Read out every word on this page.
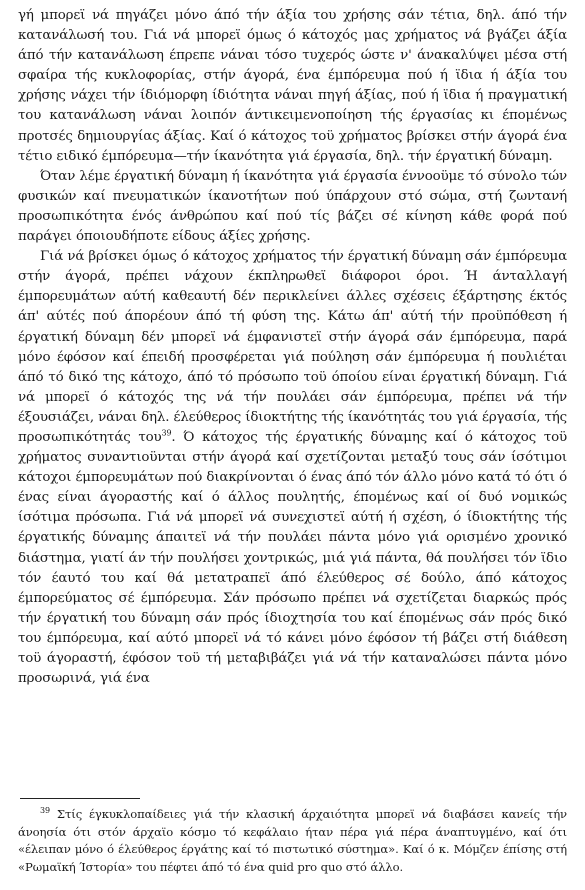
γή μπορεϊ νά πηγάζει μόνο άπό τήν άξία του χρήσης σάν τέτια, δηλ. άπό τήν κατανάλωσή του. Γιά νά μπορεϊ όμως ό κάτοχός μας χρήματος νά βγάζει άξία άπό τήν κατανάλωση έπρεπε νάναι τόσο τυχερός ώστε ν' άνακαλύψει μέσα στή σφαίρα τής κυκλοφορίας, στήν άγορά, ένα έμπόρευμα πού ή ϊδια ή άξία του χρήσης νάχει τήν ίδιόμορφη ίδιότητα νάναι πηγή άξίας, πού ή ϊδια ή πραγματική του κατανάλωση νάναι λοιπόν άντικειμενοποίηση τής έργασίας κι έπομένως προτσές δημιουργίας άξίας. Καί ό κάτοχος τοϋ χρήματος βρίσκει στήν άγορά ένα τέτιο ειδικό έμπόρευμα—τήν ίκανότητα γιά έργασία, δηλ. τήν έργατική δύναμη.

Όταν λέμε έργατική δύναμη ή ίκανότητα γιά έργασία έννοοϋμε τό σύνολο τών φυσικών καί πνευματικών ίκανοτήτων πού ύπάρχουν στό σώμα, στή ζωντανή προσωπικότητα ένός άνθρώπου καί πού τίς βάζει σέ κίνηση κάθε φορά πού παράγει όποιουδήποτε είδους άξίες χρήσης.

Γιά νά βρίσκει όμως ό κάτοχος χρήματος τήν έργατική δύναμη σάν έμπόρευμα στήν άγορά, πρέπει νάχουν έκπληρωθεϊ διάφοροι όροι. Ή άνταλλαγή έμπορευμάτων αύτή καθεαυτή δέν περικλείνει άλλες σχέσεις έξάρτησης έκτός άπ' αύτές πού άπορέουν άπό τή φύση της. Κάτω άπ' αύτή τήν προϋπόθεση ή έργατική δύναμη δέν μπορεϊ νά έμφανιστεϊ στήν άγορά σάν έμπόρευμα, παρά μόνο έφόσον καί έπειδή προσφέρεται γιά πούληση σάν έμπόρευμα ή πουλιέται άπό τό δικό της κάτοχο, άπό τό πρόσωπο τοϋ όποίου είναι έργατική δύναμη. Γιά νά μπορεϊ ό κάτοχός της νά τήν πουλάει σάν έμπόρευμα, πρέπει νά τήν έξουσιάζει, νάναι δηλ. έλεύθερος ίδιοκτήτης τής ίκανότητάς του γιά έργασία, τής προσωπικότητάς του$^{39}$. Ό κάτοχος τής έργατικής δύναμης καί ό κάτοχος τοϋ χρήματος συναντιοϋνται στήν άγορά καί σχετίζονται μεταξύ τους σάν ίσότιμοι κάτοχοι έμπορευμάτων πού διακρίνονται ό ένας άπό τόν άλλο μόνο κατά τό ότι ό ένας είναι άγοραστής καί ό άλλος πουλητής, έπομένως καί οί δυό νομικώς ίσότιμα πρόσωπα. Γιά νά μπορεϊ νά συνεχιστεϊ αύτή ή σχέση, ό ίδιοκτήτης τής έργατικής δύναμης άπαιτεϊ νά τήν πουλάει πάντα μόνο γιά ορισμένο χρονικό διάστημα, γιατί άν τήν πουλήσει χοντρικώς, μιά γιά πάντα, θά πουλήσει τόν ϊδιο τόν έαυτό του καί θά μετατραπεϊ άπό έλεύθερος σέ δούλο, άπό κάτοχος έμπορεύματος σέ έμπόρευμα. Σάν πρόσωπο πρέπει νά σχετίζεται διαρκώς πρός τήν έργατική του δύναμη σάν πρός ίδιοχτησία του καί έπομένως σάν πρός δικό του έμπόρευμα, καί αύτό μπορεϊ νά τό κάνει μόνο έφόσον τή βάζει στή διάθεση τοϋ άγοραστή, έφόσον τοϋ τή μεταβιβάζει γιά νά τήν καταναλώσει πάντα μόνο προσωρινά, γιά ένα

$^{39}$ Στίς έγκυκλοπαίδειες γιά τήν κλασική άρχαιότητα μπορεϊ νά διαβάσει κανείς τήν άνοησία ότι στόν άρχαϊο κόσμο τό κεφάλαιο ήταν πέρα γιά πέρα άναπτυγμένο, καί ότι «έλειπαν μόνο ό έλεύθερος έργάτης καί τό πιστωτικό σύστημα». Καί ό κ. Μόμζεν έπίσης στή «Ρωμαϊκή Ίστορία» του πέφτει άπό τό ένα quid pro quo στό άλλο.
